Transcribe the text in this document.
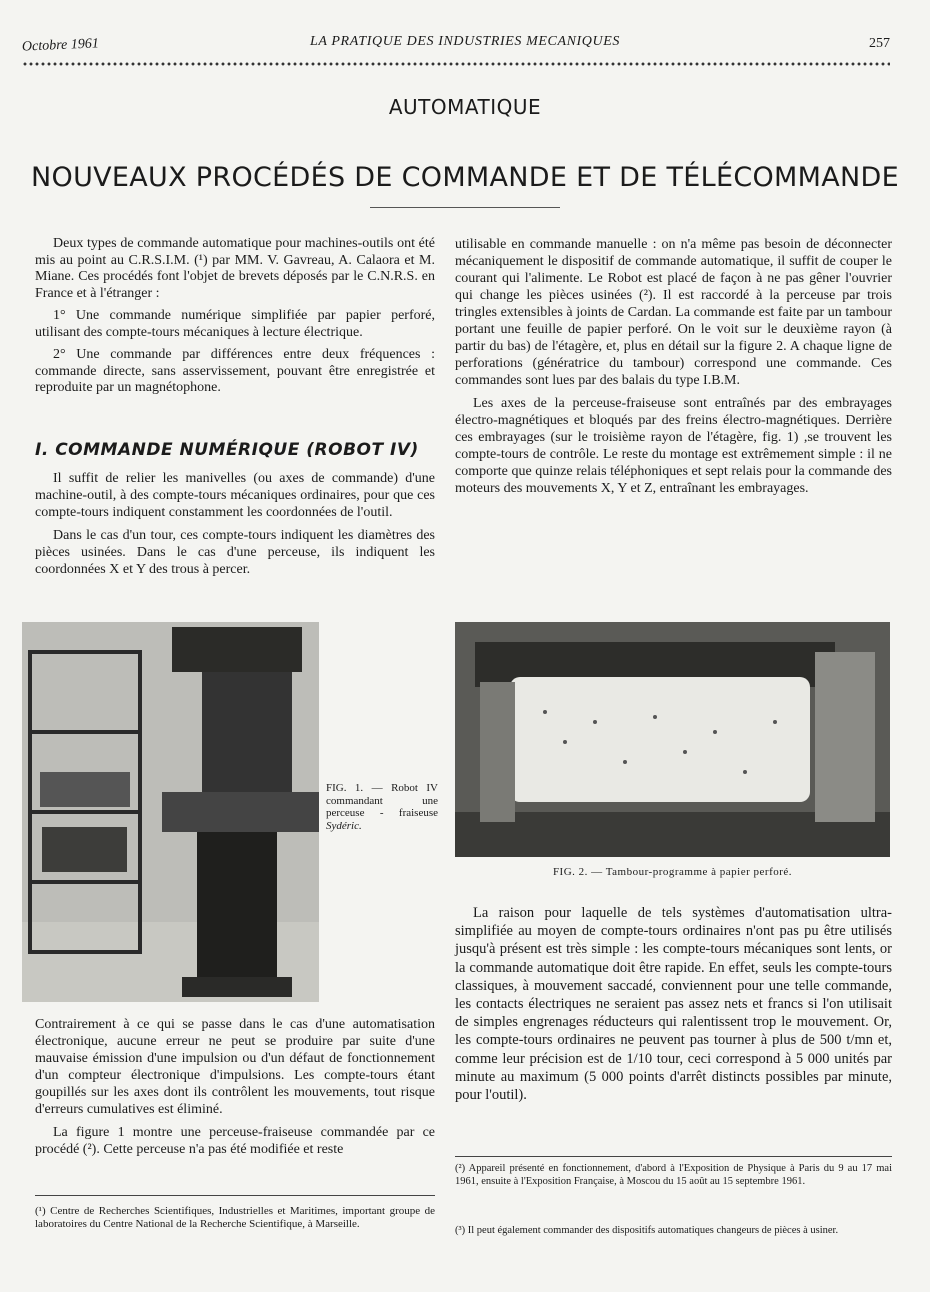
Octobre 1961	LA PRATIQUE DES INDUSTRIES MECANIQUES	257
AUTOMATIQUE
NOUVEAUX PROCÉDÉS DE COMMANDE ET DE TÉLÉCOMMANDE

Deux types de commande automatique pour machines-outils ont été mis au point au C.R.S.I.M. (¹) par MM. V. Gavreau, A. Calaora et M. Miane. Ces procédés font l'objet de brevets déposés par le C.N.R.S. en France et à l'étranger :

1° Une commande numérique simplifiée par papier perforé, utilisant des compte-tours mécaniques à lecture électrique.

2° Une commande par différences entre deux fréquences : commande directe, sans asservissement, pouvant être enregistrée et reproduite par un magnétophone.

I. COMMANDE NUMÉRIQUE (ROBOT IV)

Il suffit de relier les manivelles (ou axes de commande) d'une machine-outil, à des compte-tours mécaniques ordinaires, pour que ces compte-tours indiquent constamment les coordonnées de l'outil.

Dans le cas d'un tour, ces compte-tours indiquent les diamètres des pièces usinées. Dans le cas d'une perceuse, ils indiquent les coordonnées X et Y des trous à percer.

utilisable en commande manuelle : on n'a même pas besoin de déconnecter mécaniquement le dispositif de commande automatique, il suffit de couper le courant qui l'alimente. Le Robot est placé de façon à ne pas gêner l'ouvrier qui change les pièces usinées (²). Il est raccordé à la perceuse par trois tringles extensibles à joints de Cardan. La commande est faite par un tambour portant une feuille de papier perforé. On le voit sur le deuxième rayon (à partir du bas) de l'étagère, et, plus en détail sur la figure 2. A chaque ligne de perforations (génératrice du tambour) correspond une commande. Ces commandes sont lues par des balais du type I.B.M.

Les axes de la perceuse-fraiseuse sont entraînés par des embrayages électro-magnétiques et bloqués par des freins électro-magnétiques. Derrière ces embrayages (sur le troisième rayon de l'étagère, fig. 1) ,se trouvent les compte-tours de contrôle. Le reste du montage est extrêmement simple : il ne comporte que quinze relais téléphoniques et sept relais pour la commande des moteurs des mouvements X, Y et Z, entraînant les embrayages.

FIG. 1. — Robot IV commandant une perceuse - fraiseuse Sydéric.
FIG. 2. — Tambour-programme à papier perforé.

La raison pour laquelle de tels systèmes d'automatisation ultra-simplifiée au moyen de compte-tours ordinaires n'ont pas pu être utilisés jusqu'à présent est très simple : les compte-tours mécaniques sont lents, or la commande automatique doit être rapide. En effet, seuls les compte-tours classiques, à mouvement saccadé, conviennent pour une telle commande, les contacts électriques ne seraient pas assez nets et francs si l'on utilisait de simples engrenages réducteurs qui ralentissent trop le mouvement. Or, les compte-tours ordinaires ne peuvent pas tourner à plus de 500 t/mn et, comme leur précision est de 1/10 tour, ceci correspond à 5 000 unités par minute au maximum (5 000 points d'arrêt distincts possibles par minute, pour l'outil).

Contrairement à ce qui se passe dans le cas d'une automatisation électronique, aucune erreur ne peut se produire par suite d'une mauvaise émission d'une impulsion ou d'un défaut de fonctionnement d'un compteur électronique d'impulsions. Les compte-tours étant goupillés sur les axes dont ils contrôlent les mouvements, tout risque d'erreurs cumulatives est éliminé.

La figure 1 montre une perceuse-fraiseuse commandée par ce procédé (²). Cette perceuse n'a pas été modifiée et reste

(¹) Centre de Recherches Scientifiques, Industrielles et Maritimes, important groupe de laboratoires du Centre National de la Recherche Scientifique, à Marseille.
(²) Appareil présenté en fonctionnement, d'abord à l'Exposition de Physique à Paris du 9 au 17 mai 1961, ensuite à l'Exposition Française, à Moscou du 15 août au 15 septembre 1961.
(³) Il peut également commander des dispositifs automatiques changeurs de pièces à usiner.
